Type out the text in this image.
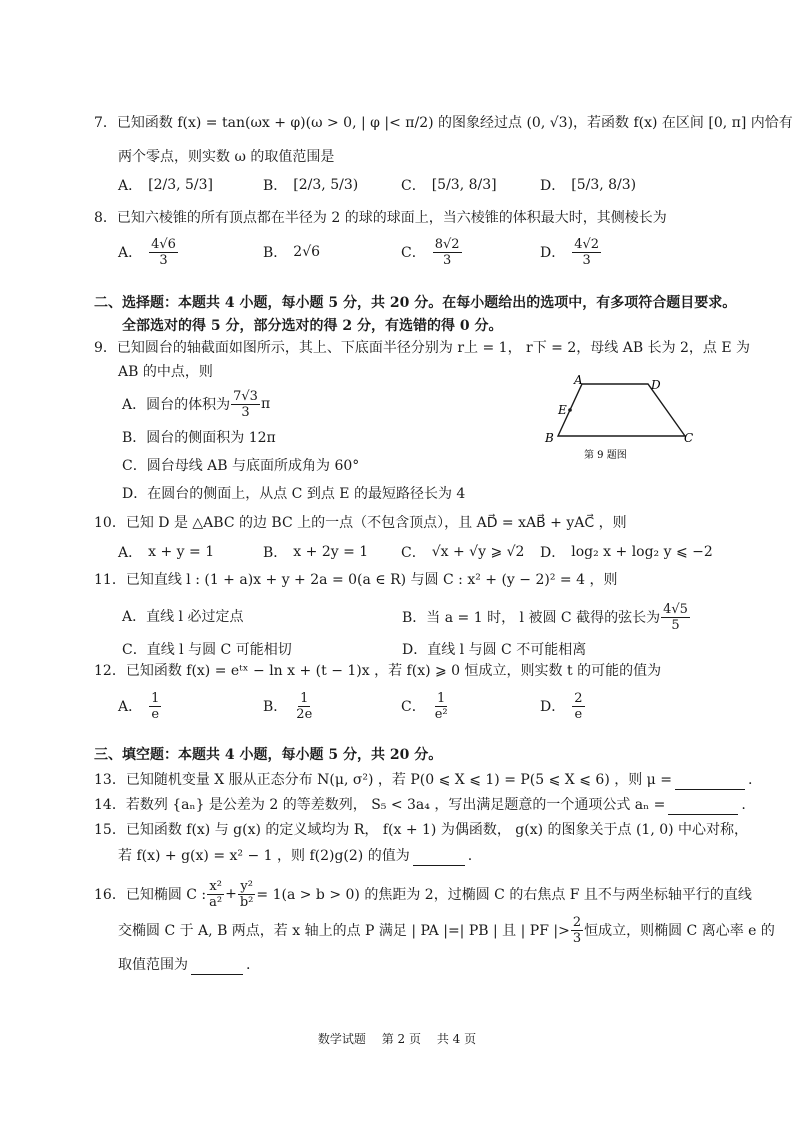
7．已知函数 f(x) = tan(ωx + φ)(ω > 0, | φ |< π/2) 的图象经过点 (0, √3)，若函数 f(x) 在区间 [0, π] 内恰有
两个零点，则实数 ω 的取值范围是
A． [2/3, 5/3]	B． [2/3, 5/3)	C． [5/3, 8/3]	D． [5/3, 8/3)
8．已知六棱锥的所有顶点都在半径为 2 的球的球面上，当六棱锥的体积最大时，其侧棱长为
A． $\frac{4√6}{3}$	B． 2√6	C． $\frac{8√2}{3}$	D． $\frac{4√2}{3}$
二、选择题：本题共 4 小题，每小题 5 分，共 20 分。在每小题给出的选项中，有多项符合题目要求。
全部选对的得 5 分，部分选对的得 2 分，有选错的得 0 分。
9．已知圆台的轴截面如图所示，其上、下底面半径分别为 r上 = 1， r下 = 2，母线 AB 长为 2，点 E 为
AB 的中点，则
A．圆台的体积为 $\frac{7√3}{3}$ π
B．圆台的侧面积为 12π
C．圆台母线 AB 与底面所成角为 60°
D．在圆台的侧面上，从点 C 到点 E 的最短路径长为 4
A	D
E
B	C
第 9 题图
10．已知 D 是 △ABC 的边 BC 上的一点（不包含顶点），且 AD⃗ = xAB⃗ + yAC⃗ ，则
A． x + y = 1	B． x + 2y = 1 C． √x + √y ⩾ √2 D． log₂ x + log₂ y ⩽ −2
11．已知直线 l : (1 + a)x + y + 2a = 0(a ∈ R) 与圆 C : x² + (y − 2)² = 4 ，则
A．直线 l 必过定点	B．当 a = 1 时， l 被圆 C 截得的弦长为 $\frac{4√5}{5}$
C．直线 l 与圆 C 可能相切	D．直线 l 与圆 C 不可能相离
12．已知函数 f(x) = eᵗˣ − ln x + (t − 1)x ，若 f(x) ⩾ 0 恒成立，则实数 t 的可能的值为
A． $\frac{1}{e}$	B． $\frac{1}{2e}$	C． $\frac{1}{\text{e²}}$	D． $\frac{2}{e}$
三、填空题：本题共 4 小题，每小题 5 分，共 20 分。
13．已知随机变量 X 服从正态分布 N(μ, σ²) ，若 P(0 ⩽ X ⩽ 1) = P(5 ⩽ X ⩽ 6) ，则 μ =	.
14．若数列 {aₙ} 是公差为 2 的等差数列， S₅ < 3a₄ ，写出满足题意的一个通项公式 aₙ =	.
15．已知函数 f(x) 与 g(x) 的定义域均为 R， f(x + 1) 为偶函数， g(x) 的图象关于点 (1, 0) 中心对称，
若 f(x) + g(x) = x² − 1 ，则 f(2)g(2) 的值为	.
16．已知椭圆 C : $\frac{\text{x²}}{\text{a²}} + \frac{\text{y²}}{\text{b²}} = 1(a > b > 0)$ 的焦距为 2，过椭圆 C 的右焦点 F 且不与两坐标轴平行的直线
交椭圆 C 于 A, B 两点，若 x 轴上的点 P 满足 | PA |=| PB | 且 | PF |> $\frac{2}{3}$ 恒成立，则椭圆 C 离心率 e 的
取值范围为	.
数学试题 第 2 页 共 4 页
